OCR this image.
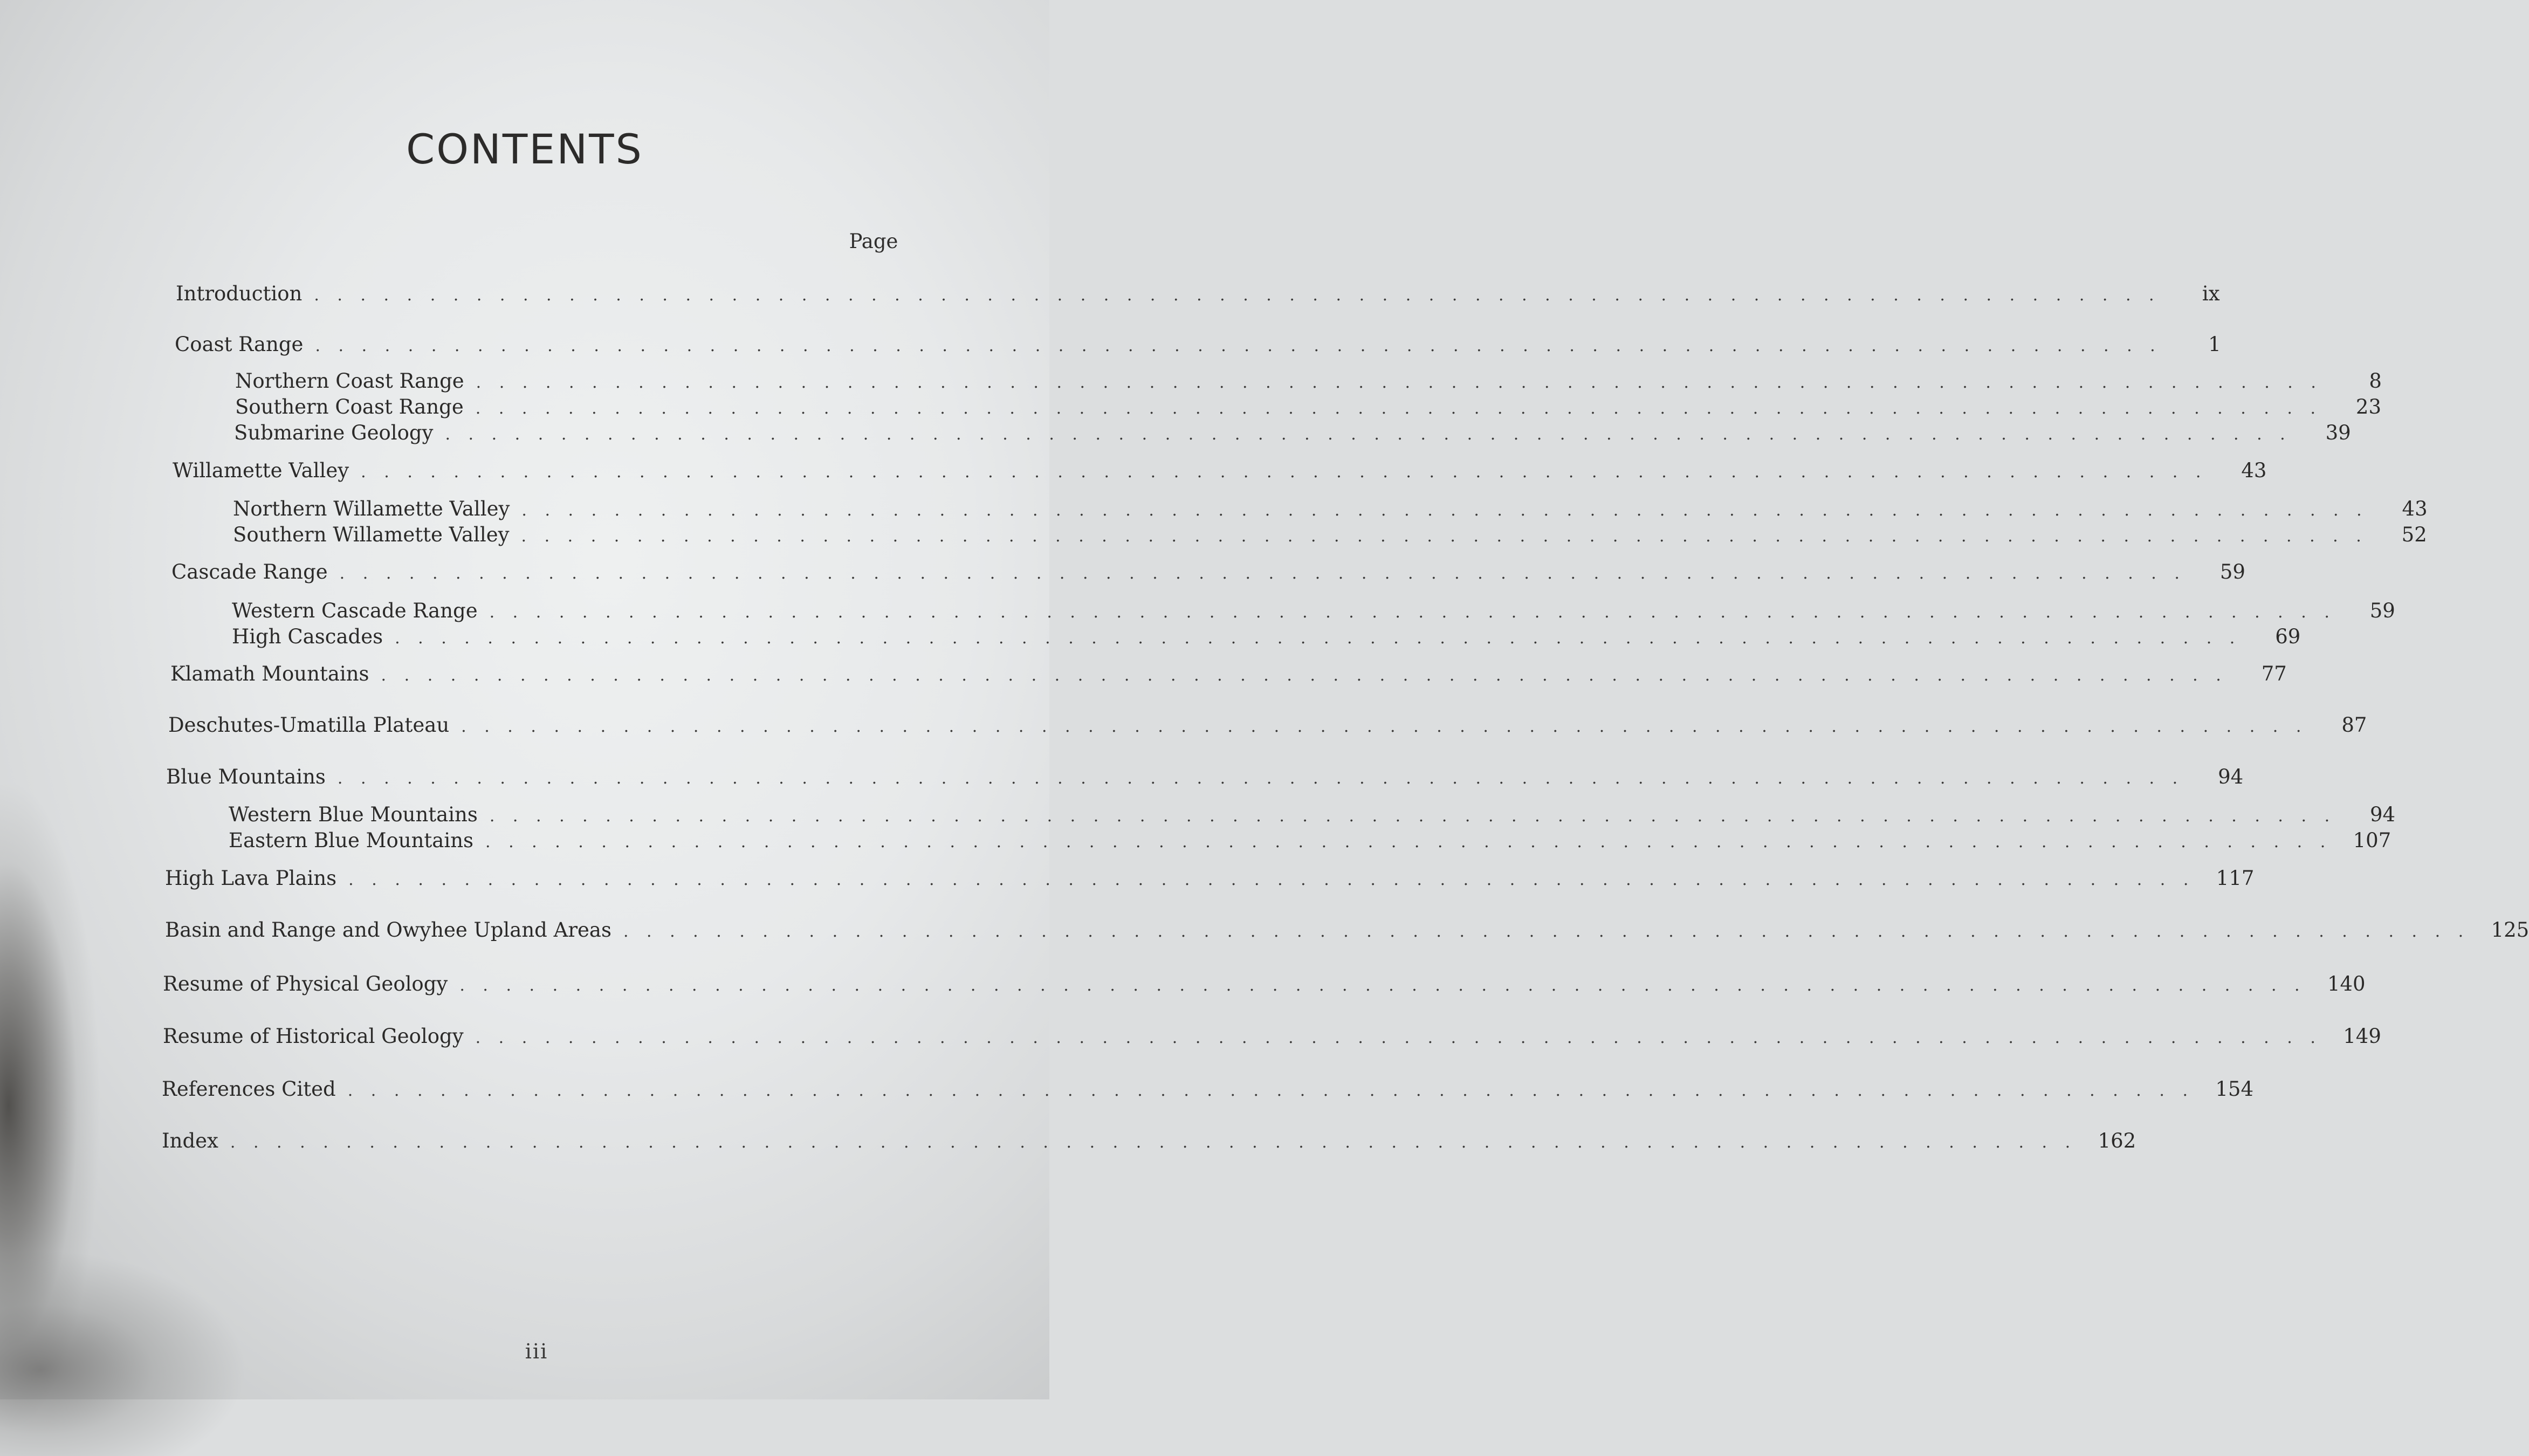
CONTENTS
Page
Introduction . . . . . . . . . . . . . . . . . . . . . . . . . . . . . . . . . . . . . . . . . . . . . . . . . . . . . . . . . . . . . . . . . . . . . . . . . . . . . . . .	ix
Coast Range . . . . . . . . . . . . . . . . . . . . . . . . . . . . . . . . . . . . . . . . . . . . . . . . . . . . . . . . . . . . . . . . . . . . . . . . . . . . . . . .	1
Northern Coast Range . . . . . . . . . . . . . . . . . . . . . . . . . . . . . . . . . . . . . . . . . . . . . . . . . . . . . . . . . . . . . . . . . . . . . . . . . . . . . . . .	8
Southern Coast Range . . . . . . . . . . . . . . . . . . . . . . . . . . . . . . . . . . . . . . . . . . . . . . . . . . . . . . . . . . . . . . . . . . . . . . . . . . . . . . . .	23
Submarine Geology . . . . . . . . . . . . . . . . . . . . . . . . . . . . . . . . . . . . . . . . . . . . . . . . . . . . . . . . . . . . . . . . . . . . . . . . . . . . . . . .	39
Willamette Valley . . . . . . . . . . . . . . . . . . . . . . . . . . . . . . . . . . . . . . . . . . . . . . . . . . . . . . . . . . . . . . . . . . . . . . . . . . . . . . . .	43
Northern Willamette Valley . . . . . . . . . . . . . . . . . . . . . . . . . . . . . . . . . . . . . . . . . . . . . . . . . . . . . . . . . . . . . . . . . . . . . . . . . . . . . . . .	43
Southern Willamette Valley . . . . . . . . . . . . . . . . . . . . . . . . . . . . . . . . . . . . . . . . . . . . . . . . . . . . . . . . . . . . . . . . . . . . . . . . . . . . . . . .	52
Cascade Range . . . . . . . . . . . . . . . . . . . . . . . . . . . . . . . . . . . . . . . . . . . . . . . . . . . . . . . . . . . . . . . . . . . . . . . . . . . . . . . .	59
Western Cascade Range . . . . . . . . . . . . . . . . . . . . . . . . . . . . . . . . . . . . . . . . . . . . . . . . . . . . . . . . . . . . . . . . . . . . . . . . . . . . . . . .	59
High Cascades . . . . . . . . . . . . . . . . . . . . . . . . . . . . . . . . . . . . . . . . . . . . . . . . . . . . . . . . . . . . . . . . . . . . . . . . . . . . . . . .	69
Klamath Mountains . . . . . . . . . . . . . . . . . . . . . . . . . . . . . . . . . . . . . . . . . . . . . . . . . . . . . . . . . . . . . . . . . . . . . . . . . . . . . . . .	77
Deschutes-Umatilla Plateau . . . . . . . . . . . . . . . . . . . . . . . . . . . . . . . . . . . . . . . . . . . . . . . . . . . . . . . . . . . . . . . . . . . . . . . . . . . . . . . .	87
Blue Mountains . . . . . . . . . . . . . . . . . . . . . . . . . . . . . . . . . . . . . . . . . . . . . . . . . . . . . . . . . . . . . . . . . . . . . . . . . . . . . . . .	94
Western Blue Mountains . . . . . . . . . . . . . . . . . . . . . . . . . . . . . . . . . . . . . . . . . . . . . . . . . . . . . . . . . . . . . . . . . . . . . . . . . . . . . . . .	94
Eastern Blue Mountains . . . . . . . . . . . . . . . . . . . . . . . . . . . . . . . . . . . . . . . . . . . . . . . . . . . . . . . . . . . . . . . . . . . . . . . . . . . . . . . .	107
High Lava Plains . . . . . . . . . . . . . . . . . . . . . . . . . . . . . . . . . . . . . . . . . . . . . . . . . . . . . . . . . . . . . . . . . . . . . . . . . . . . . . . .	117
Basin and Range and Owyhee Upland Areas . . . . . . . . . . . . . . . . . . . . . . . . . . . . . . . . . . . . . . . . . . . . . . . . . . . . . . . . . . . . . . . . . . . . . . . . . . . . . . . .	125
Resume of Physical Geology . . . . . . . . . . . . . . . . . . . . . . . . . . . . . . . . . . . . . . . . . . . . . . . . . . . . . . . . . . . . . . . . . . . . . . . . . . . . . . . .	140
Resume of Historical Geology . . . . . . . . . . . . . . . . . . . . . . . . . . . . . . . . . . . . . . . . . . . . . . . . . . . . . . . . . . . . . . . . . . . . . . . . . . . . . . . .	149
References Cited . . . . . . . . . . . . . . . . . . . . . . . . . . . . . . . . . . . . . . . . . . . . . . . . . . . . . . . . . . . . . . . . . . . . . . . . . . . . . . . .	154
Index . . . . . . . . . . . . . . . . . . . . . . . . . . . . . . . . . . . . . . . . . . . . . . . . . . . . . . . . . . . . . . . . . . . . . . . . . . . . . . . .	162
iii
